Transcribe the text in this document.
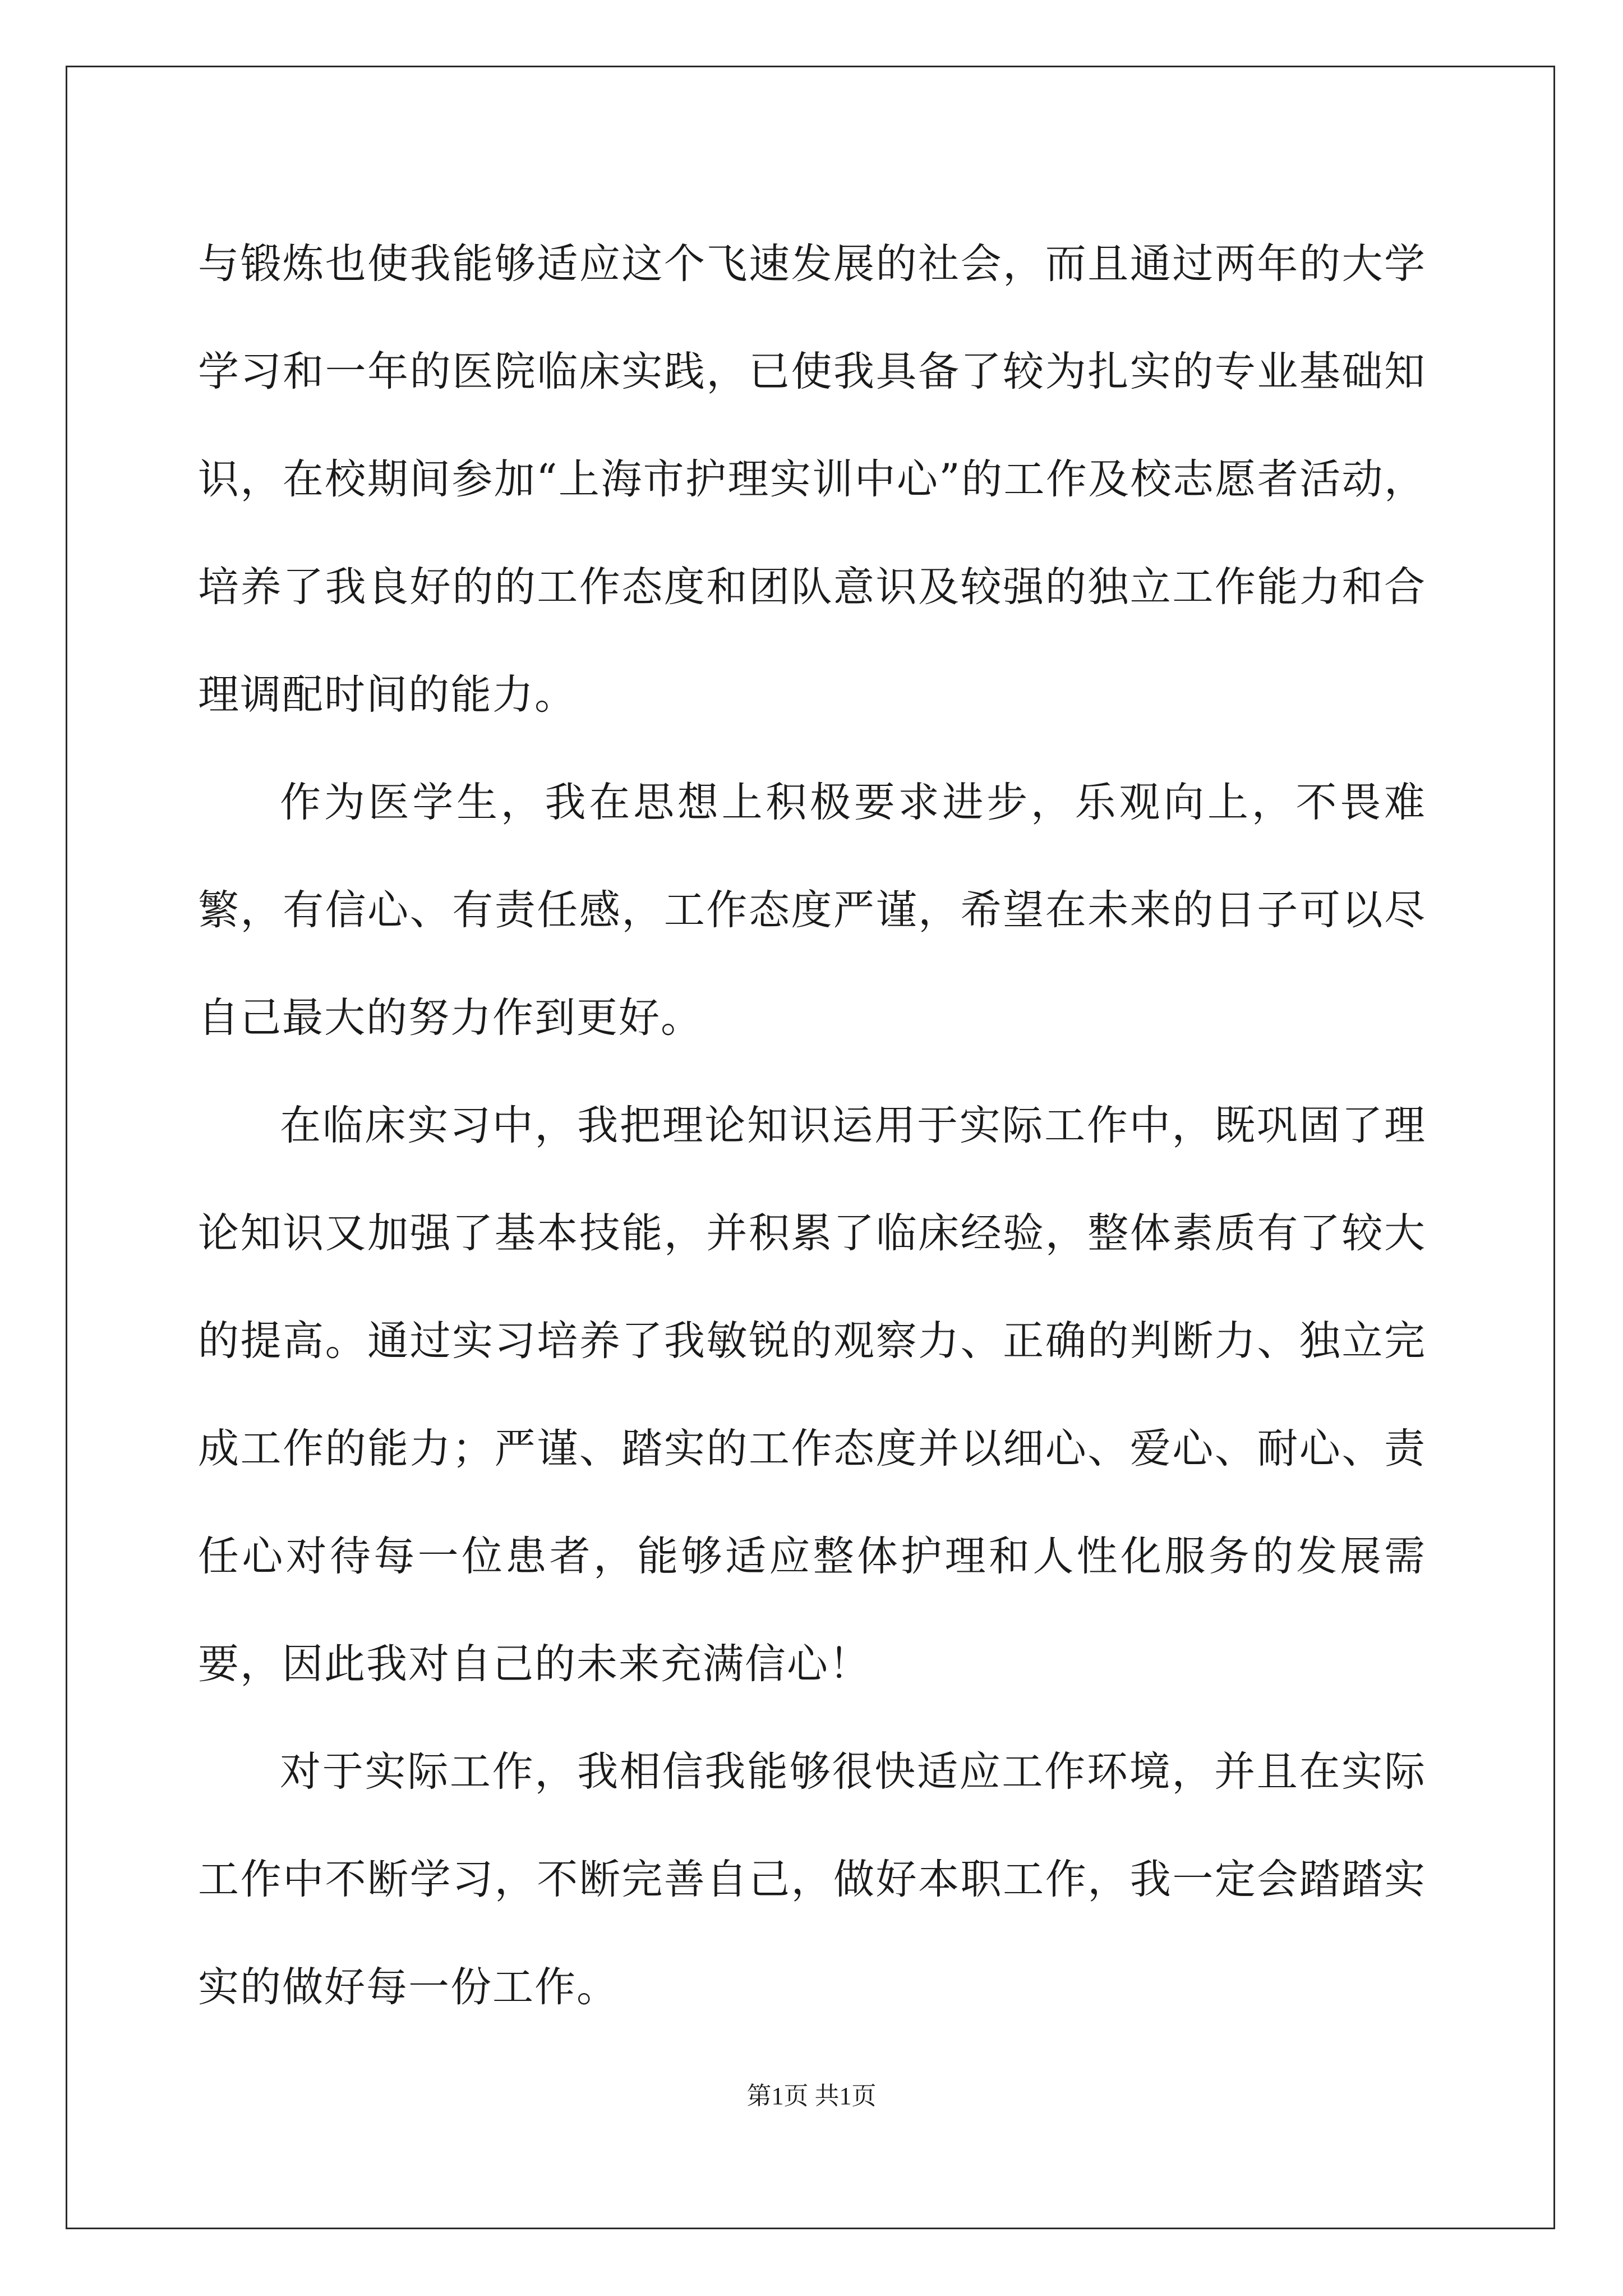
与锻炼也使我能够适应这个飞速发展的社会，而且通过两年的大学学习和一年的医院临床实践，已使我具备了较为扎实的专业基础知识，在校期间参加“上海市护理实训中心”的工作及校志愿者活动，培养了我良好的的工作态度和团队意识及较强的独立工作能力和合理调配时间的能力。

作为医学生，我在思想上积极要求进步，乐观向上，不畏难繁，有信心、有责任感，工作态度严谨，希望在未来的日子可以尽自己最大的努力作到更好。

在临床实习中，我把理论知识运用于实际工作中，既巩固了理论知识又加强了基本技能，并积累了临床经验，整体素质有了较大的提高。通过实习培养了我敏锐的观察力、正确的判断力、独立完成工作的能力；严谨、踏实的工作态度并以细心、爱心、耐心、责任心对待每一位患者，能够适应整体护理和人性化服务的发展需要，因此我对自己的未来充满信心！

对于实际工作，我相信我能够很快适应工作环境，并且在实际工作中不断学习，不断完善自己，做好本职工作，我一定会踏踏实实的做好每一份工作。

第1页 共1页
